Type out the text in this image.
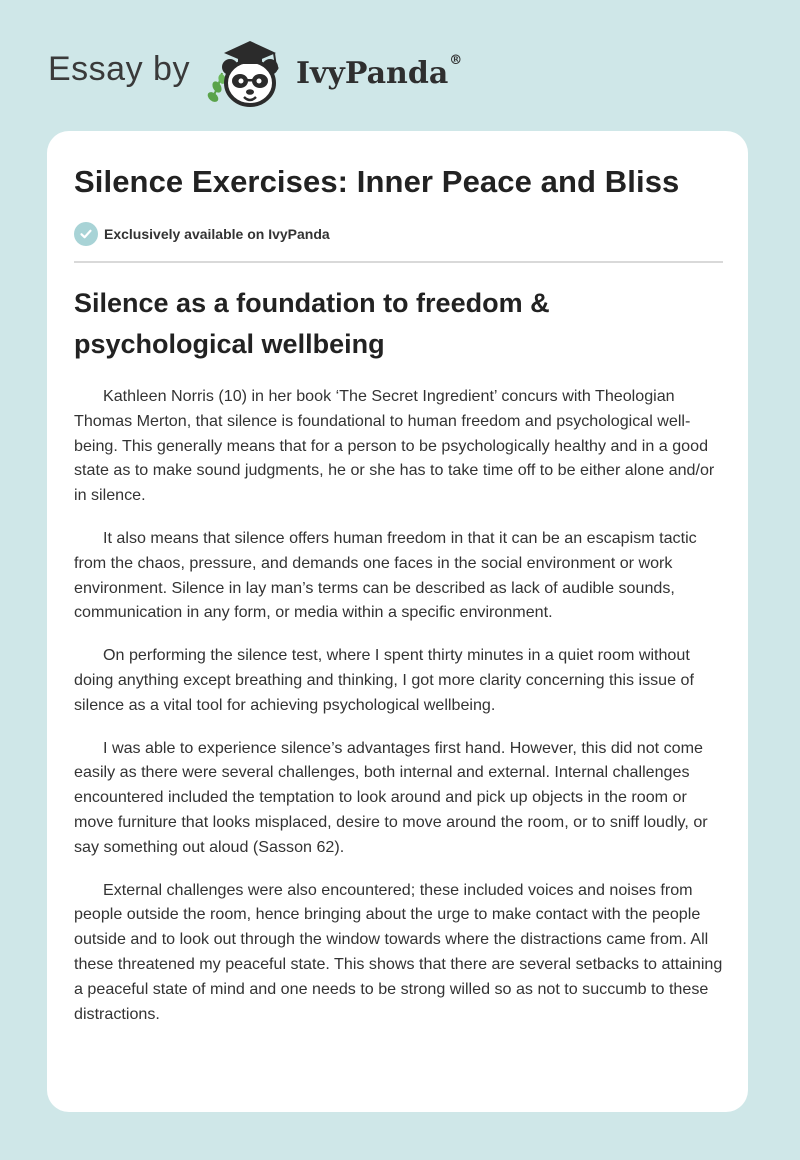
Essay by	IvyPanda®
Silence Exercises: Inner Peace and Bliss
Exclusively available on IvyPanda
Silence as a foundation to freedom & psychological wellbeing

Kathleen Norris (10) in her book ‘The Secret Ingredient’ concurs with Theologian Thomas Merton, that silence is foundational to human freedom and psychological well-being. This generally means that for a person to be psychologically healthy and in a good state as to make sound judgments, he or she has to take time off to be either alone and/or in silence.

It also means that silence offers human freedom in that it can be an escapism tactic from the chaos, pressure, and demands one faces in the social environment or work environment. Silence in lay man’s terms can be described as lack of audible sounds, communication in any form, or media within a specific environment.

On performing the silence test, where I spent thirty minutes in a quiet room without doing anything except breathing and thinking, I got more clarity concerning this issue of silence as a vital tool for achieving psychological wellbeing.

I was able to experience silence’s advantages first hand. However, this did not come easily as there were several challenges, both internal and external. Internal challenges encountered included the temptation to look around and pick up objects in the room or move furniture that looks misplaced, desire to move around the room, or to sniff loudly, or say something out aloud (Sasson 62).

External challenges were also encountered; these included voices and noises from people outside the room, hence bringing about the urge to make contact with the people outside and to look out through the window towards where the distractions came from. All these threatened my peaceful state. This shows that there are several setbacks to attaining a peaceful state of mind and one needs to be strong willed so as not to succumb to these distractions.
